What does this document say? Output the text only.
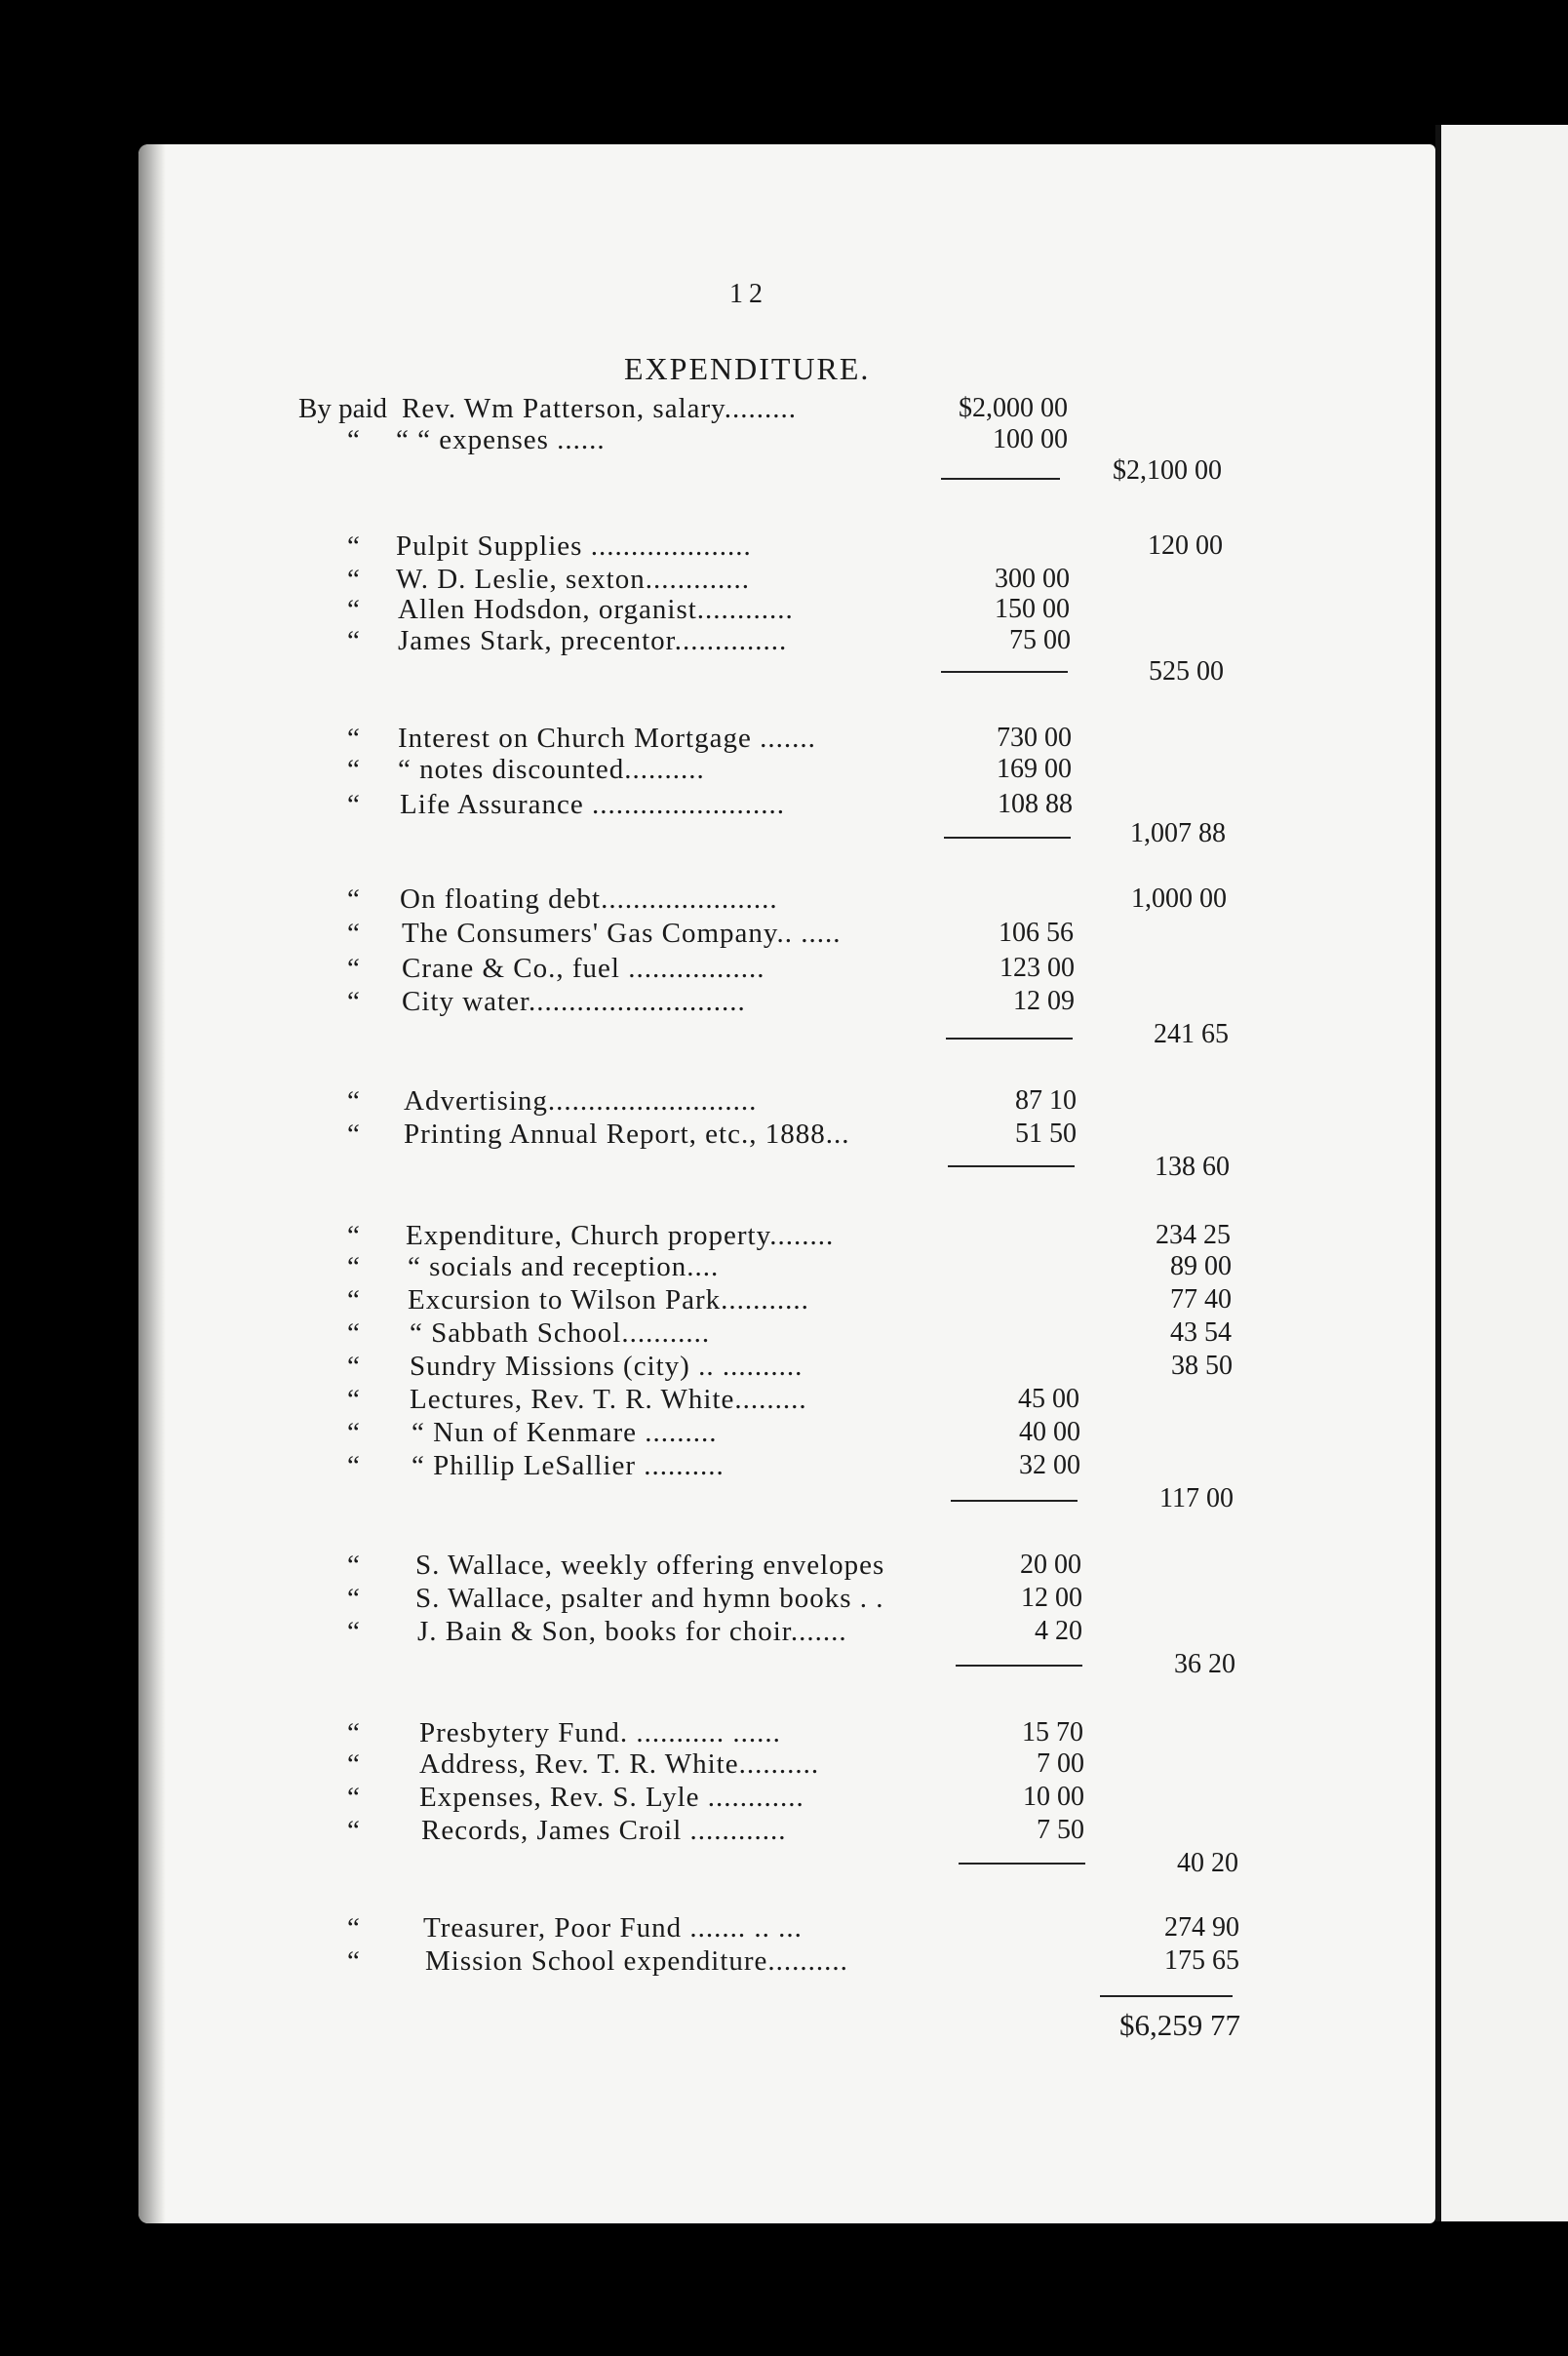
12
EXPENDITURE.
By paid Rev. Wm Patterson, salary.........	$2,000 00
“ “ “ expenses ......	100 00
$2,100 00
“ Pulpit Supplies ....................	120 00
“ W. D. Leslie, sexton.............	300 00
“ Allen Hodsdon, organist............	150 00
“ James Stark, precentor..............	75 00
525 00
“ Interest on Church Mortgage .......	730 00
“ “ notes discounted..........	169 00
“ Life Assurance ........................	108 88
1,007 88
“ On floating debt......................	1,000 00
“ The Consumers' Gas Company.. .....	106 56
“ Crane & Co., fuel .................	123 00
“ City water...........................	12 09
241 65
“ Advertising..........................	87 10
“ Printing Annual Report, etc., 1888...	51 50
138 60
“ Expenditure, Church property........	234 25
“ “ socials and reception....	89 00
“ Excursion to Wilson Park...........	77 40
“ “ Sabbath School...........	43 54
“ Sundry Missions (city) .. ..........	38 50
“ Lectures, Rev. T. R. White.........	45 00
“ “ Nun of Kenmare .........	40 00
“ “ Phillip LeSallier ..........	32 00
117 00
“ S. Wallace, weekly offering envelopes	20 00
“ S. Wallace, psalter and hymn books . .	12 00
“ J. Bain & Son, books for choir.......	4 20
36 20
“ Presbytery Fund. ........... ......	15 70
“ Address, Rev. T. R. White..........	7 00
“ Expenses, Rev. S. Lyle ............	10 00
“ Records, James Croil ............	7 50
40 20
“ Treasurer, Poor Fund ....... .. ...	274 90
“ Mission School expenditure..........	175 65
$6,259 77
